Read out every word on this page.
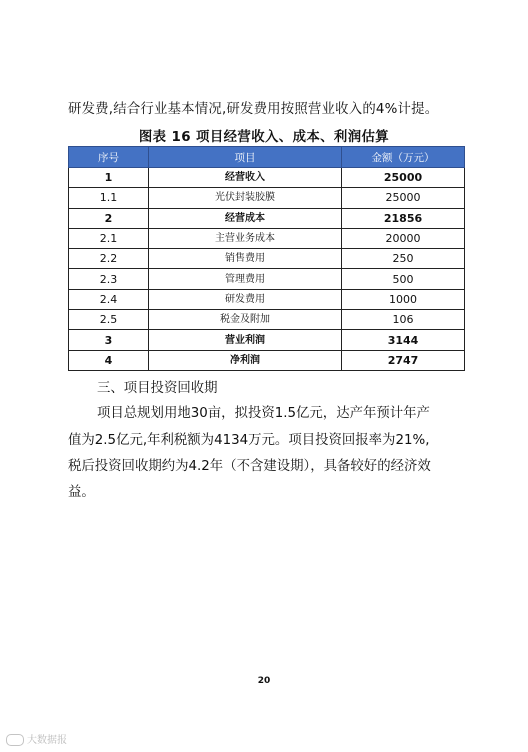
研发费,结合行业基本情况,研发费用按照营业收入的4%计提。
图表 16 项目经营收入、成本、利润估算
序号	项目	金额（万元）
1	经营收入	25000
1.1	光伏封装胶膜	25000
2	经营成本	21856
2.1	主营业务成本	20000
2.2	销售费用	250
2.3	管理费用	500
2.4	研发费用	1000
2.5	税金及附加	106
3	营业利润	3144
4	净利润	2747
三、项目投资回收期
项目总规划用地30亩，拟投资1.5亿元，达产年预计年产
值为2.5亿元,年利税额为4134万元。项目投资回报率为21%,
税后投资回收期约为4.2年（不含建设期），具备较好的经济效
益。
20
大数据报
